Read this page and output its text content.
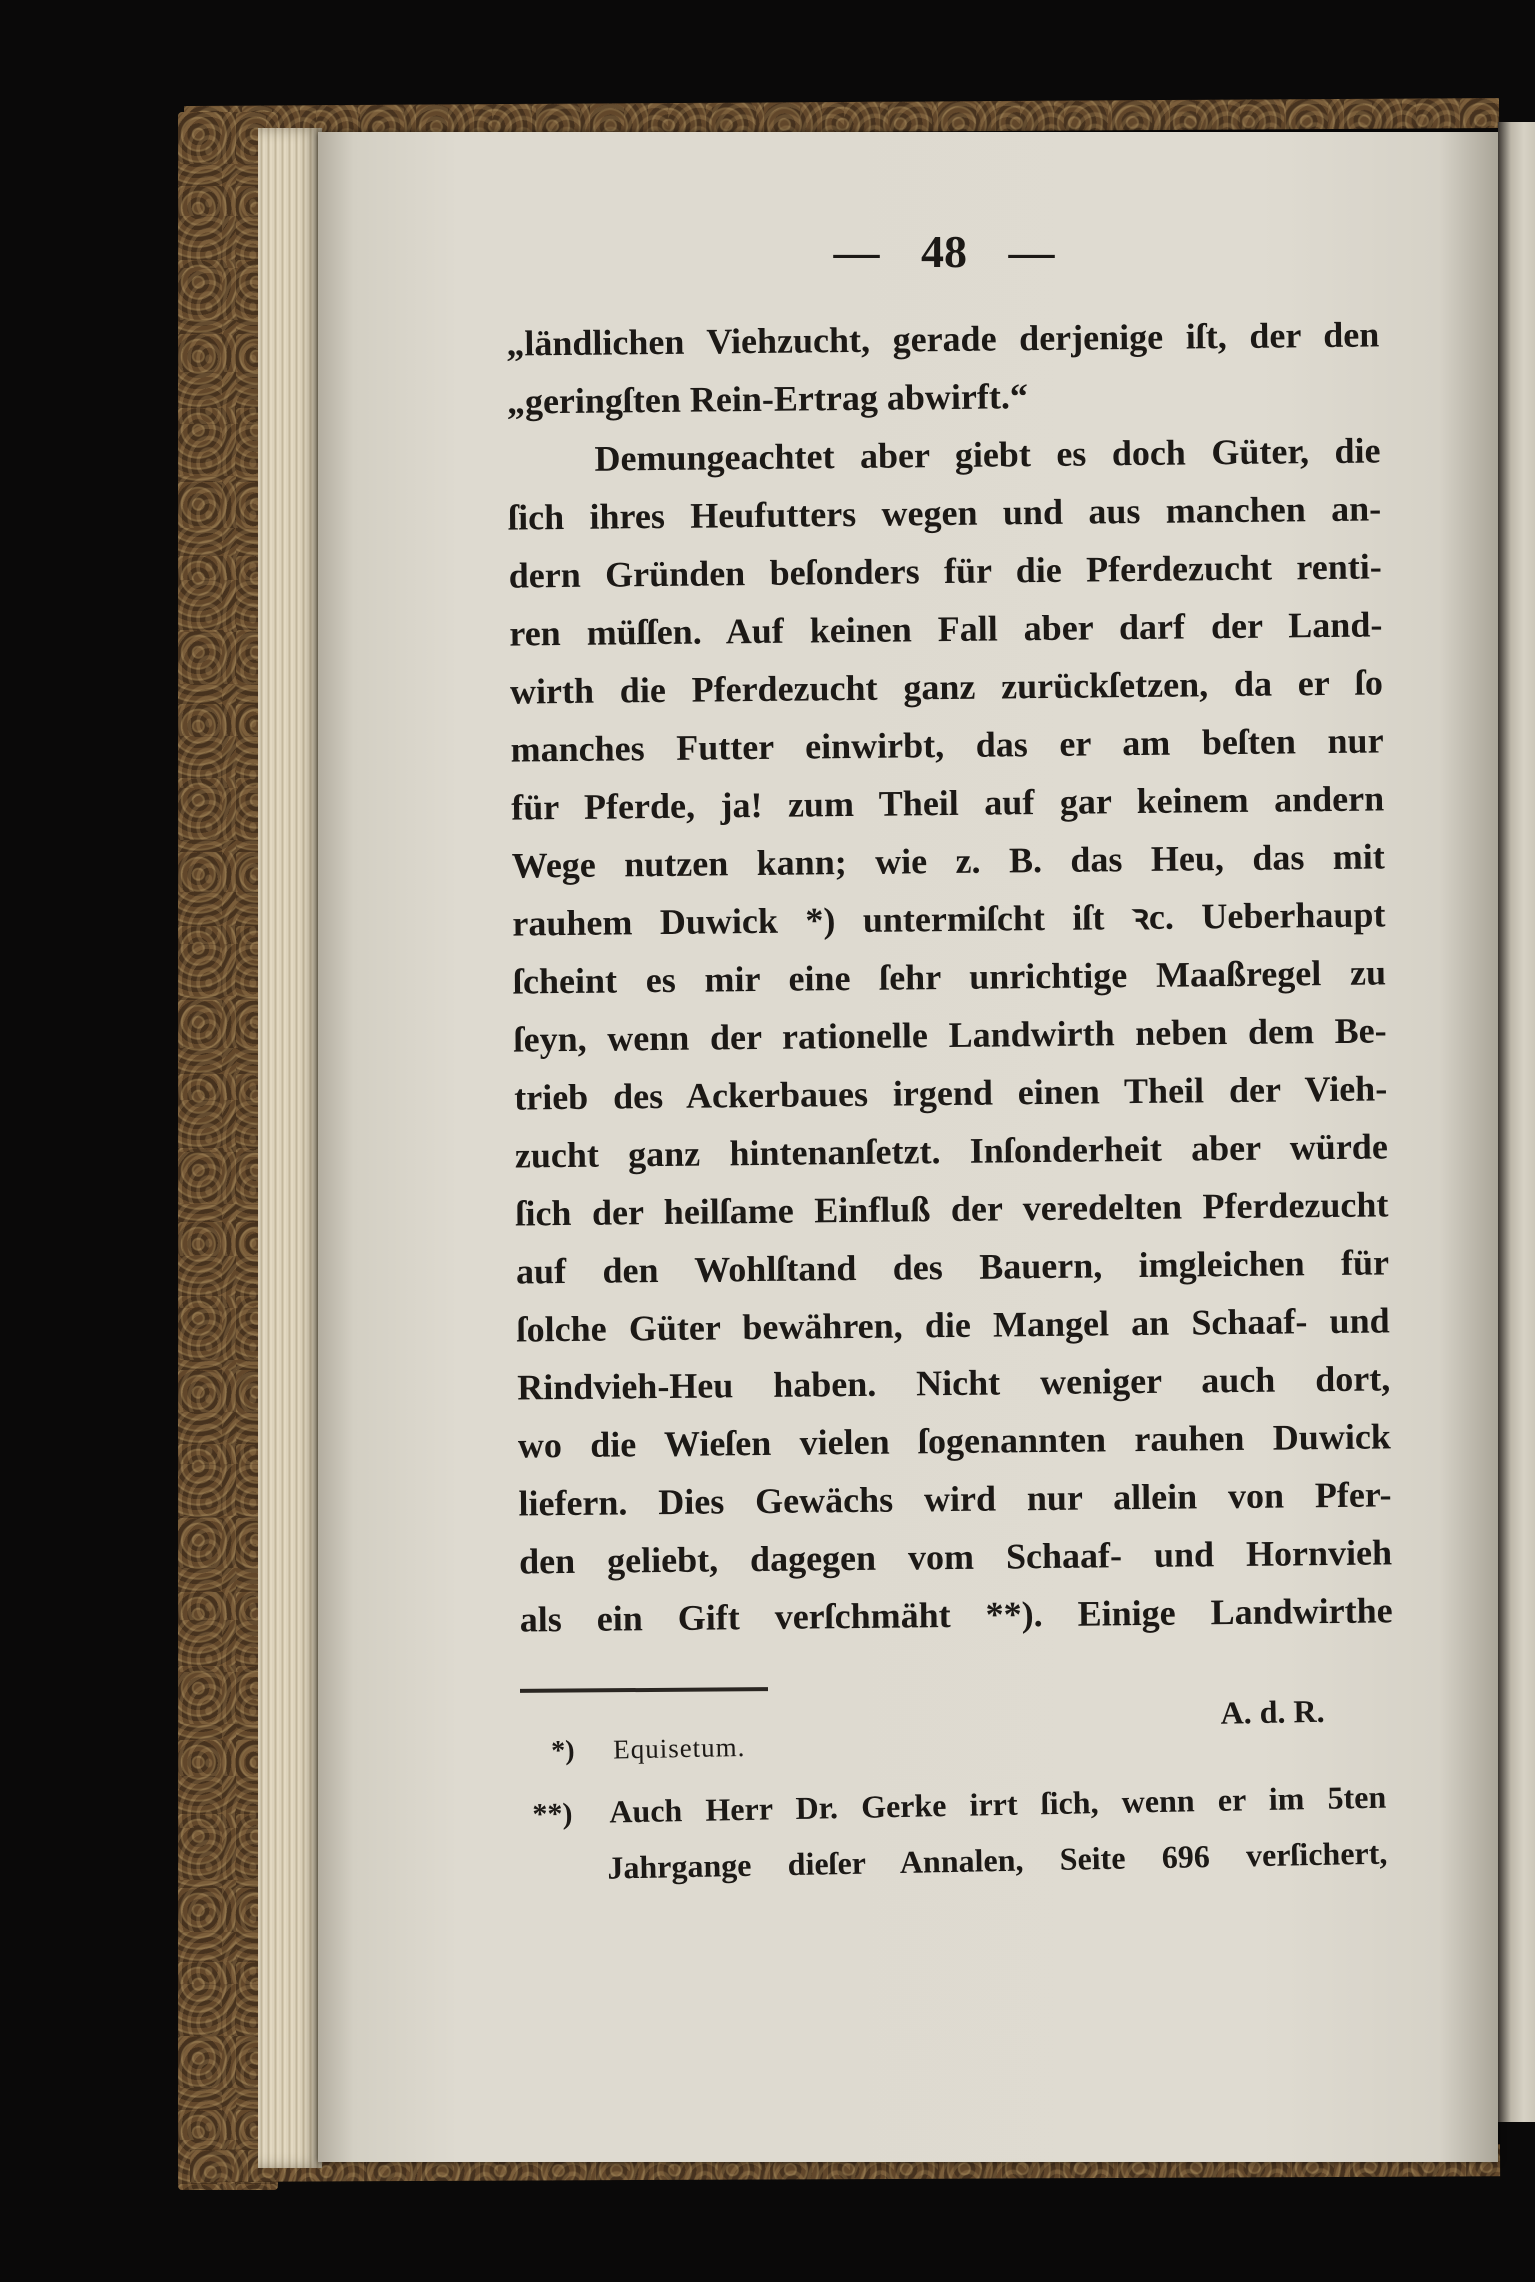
— 48 —
„ländlichen Viehzucht, gerade derjenige iſt, der den
„geringſten Rein-Ertrag abwirft.“
Demungeachtet aber giebt es doch Güter, die
ſich ihres Heufutters wegen und aus manchen an-
dern Gründen beſonders für die Pferdezucht renti-
ren müſſen. Auf keinen Fall aber darf der Land-
wirth die Pferdezucht ganz zurückſetzen, da er ſo
manches Futter einwirbt, das er am beſten nur
für Pferde, ja! zum Theil auf gar keinem andern
Wege nutzen kann; wie z. B. das Heu, das mit
rauhem Duwick *) untermiſcht iſt ꝛc. Ueberhaupt
ſcheint es mir eine ſehr unrichtige Maaßregel zu
ſeyn, wenn der rationelle Landwirth neben dem Be-
trieb des Ackerbaues irgend einen Theil der Vieh-
zucht ganz hintenanſetzt. Inſonderheit aber würde
ſich der heilſame Einfluß der veredelten Pferdezucht
auf den Wohlſtand des Bauern, imgleichen für
ſolche Güter bewähren, die Mangel an Schaaf- und
Rindvieh-Heu haben. Nicht weniger auch dort,
wo die Wieſen vielen ſogenannten rauhen Duwick
liefern. Dies Gewächs wird nur allein von Pfer-
den geliebt, dagegen vom Schaaf- und Hornvieh
als ein Gift verſchmäht **). Einige Landwirthe
A. d. R.
*) Equisetum.
**) Auch Herr Dr. Gerke irrt ſich, wenn er im 5ten
Jahrgange dieſer Annalen, Seite 696 verſichert,
